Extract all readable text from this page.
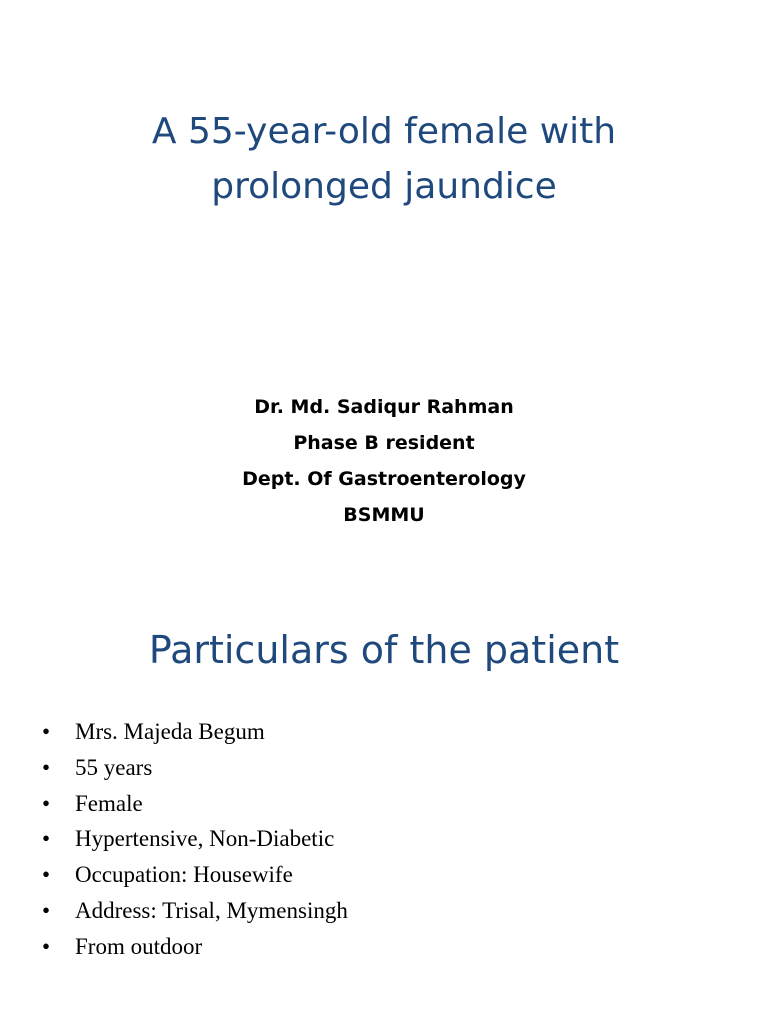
A 55-year-old female with
prolonged jaundice
Dr. Md. Sadiqur Rahman
Phase B resident
Dept. Of Gastroenterology
BSMMU
Particulars of the patient
• Mrs. Majeda Begum
• 55 years
• Female
• Hypertensive, Non-Diabetic
• Occupation: Housewife
• Address: Trisal, Mymensingh
• From outdoor
